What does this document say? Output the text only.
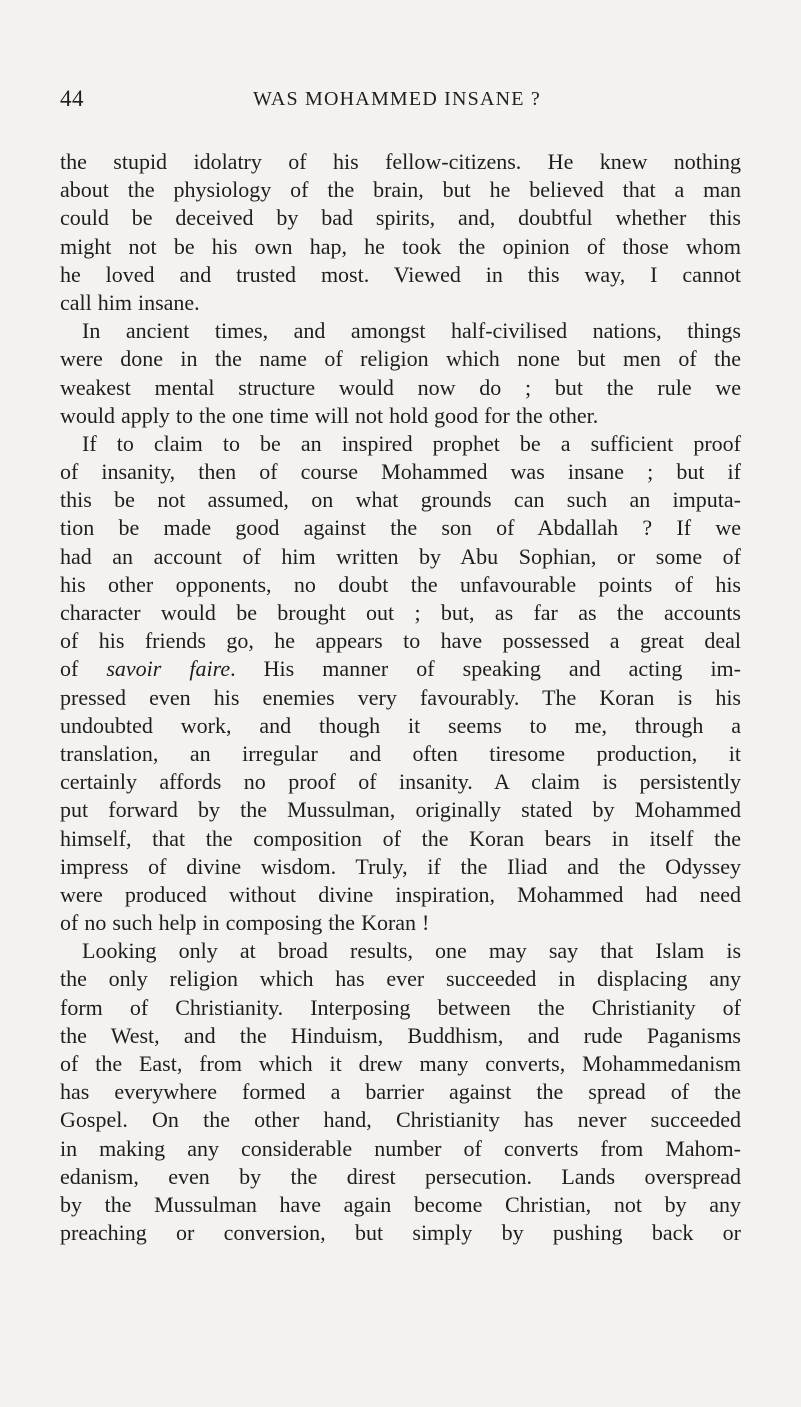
44	WAS MOHAMMED INSANE ?
the stupid idolatry of his fellow-citizens. He knew nothing
about the physiology of the brain, but he believed that a man
could be deceived by bad spirits, and, doubtful whether this
might not be his own hap, he took the opinion of those whom
he loved and trusted most. Viewed in this way, I cannot
call him insane.
In ancient times, and amongst half-civilised nations, things
were done in the name of religion which none but men of the
weakest mental structure would now do ; but the rule we
would apply to the one time will not hold good for the other.
If to claim to be an inspired prophet be a sufficient proof
of insanity, then of course Mohammed was insane ; but if
this be not assumed, on what grounds can such an imputa-
tion be made good against the son of Abdallah ? If we
had an account of him written by Abu Sophian, or some of
his other opponents, no doubt the unfavourable points of his
character would be brought out ; but, as far as the accounts
of his friends go, he appears to have possessed a great deal
of savoir faire. His manner of speaking and acting im-
pressed even his enemies very favourably. The Koran is his
undoubted work, and though it seems to me, through a
translation, an irregular and often tiresome production, it
certainly affords no proof of insanity. A claim is persistently
put forward by the Mussulman, originally stated by Mohammed
himself, that the composition of the Koran bears in itself the
impress of divine wisdom. Truly, if the Iliad and the Odyssey
were produced without divine inspiration, Mohammed had need
of no such help in composing the Koran !
Looking only at broad results, one may say that Islam is
the only religion which has ever succeeded in displacing any
form of Christianity. Interposing between the Christianity of
the West, and the Hinduism, Buddhism, and rude Paganisms
of the East, from which it drew many converts, Mohammedanism
has everywhere formed a barrier against the spread of the
Gospel. On the other hand, Christianity has never succeeded
in making any considerable number of converts from Mahom-
edanism, even by the direst persecution. Lands overspread
by the Mussulman have again become Christian, not by any
preaching or conversion, but simply by pushing back or
